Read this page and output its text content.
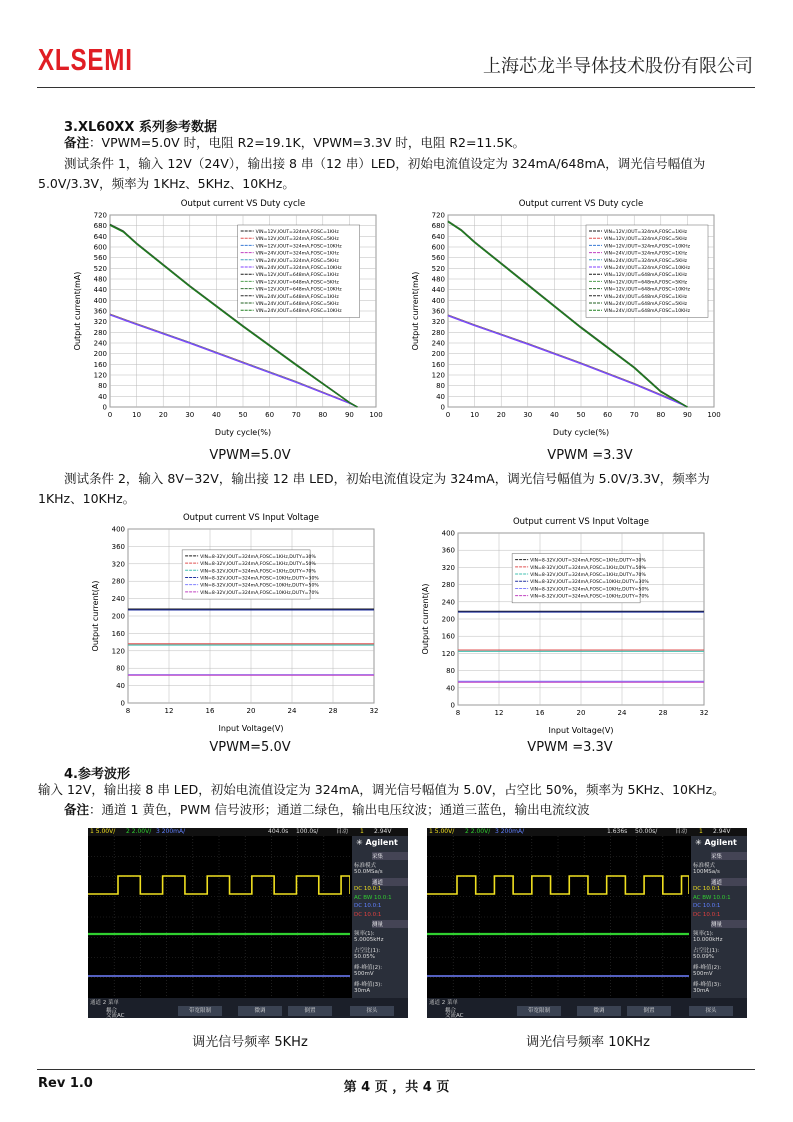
XLSEMI	上海芯龙半导体技术股份有限公司
3.XL60XX 系列参考数据
备注：VPWM=5.0V 时，电阻 R2=19.1K，VPWM=3.3V 时，电阻 R2=11.5K。
测试条件 1，输入 12V（24V），输出接 8 串（12 串）LED，初始电流值设定为 324mA/648mA，调光信号幅值为
5.0V/3.3V，频率为 1KHz、5KHz、10KHz。
Output current VS Duty cycle
0
40
80
120
160
200
240
280
320
360
400
440
480
520
560
600
640
680
720
0	10	20	30	40	50	60	70	80	90 100
Duty cycle(%)
Output current(mA)
VIN=12V,IOUT=324mA,FOSC=1KHz
VIN=12V,IOUT=324mA,FOSC=5KHz
VIN=12V,IOUT=324mA,FOSC=10KHz
VIN=24V,IOUT=324mA,FOSC=1KHz
VIN=24V,IOUT=324mA,FOSC=5KHz
VIN=24V,IOUT=324mA,FOSC=10KHz
VIN=12V,IOUT=648mA,FOSC=1KHz
VIN=12V,IOUT=648mA,FOSC=5KHz
VIN=12V,IOUT=648mA,FOSC=10KHz
VIN=24V,IOUT=648mA,FOSC=1KHz
VIN=24V,IOUT=648mA,FOSC=5KHz
VIN=24V,IOUT=648mA,FOSC=10KHz
Output current VS Duty cycle
0
40
80
120
160
200
240
280
320
360
400
440
480
520
560
600
640
680
720
0	10	20	30	40	50	60	70	80	90 100
Duty cycle(%)
Output current(mA)
VIN=12V,IOUT=324mA,FOSC=1KHz
VIN=12V,IOUT=324mA,FOSC=5KHz
VIN=12V,IOUT=324mA,FOSC=10KHz
VIN=24V,IOUT=324mA,FOSC=1KHz
VIN=24V,IOUT=324mA,FOSC=5KHz
VIN=24V,IOUT=324mA,FOSC=10KHz
VIN=12V,IOUT=648mA,FOSC=1KHz
VIN=12V,IOUT=648mA,FOSC=5KHz
VIN=12V,IOUT=648mA,FOSC=10KHz
VIN=24V,IOUT=648mA,FOSC=1KHz
VIN=24V,IOUT=648mA,FOSC=5KHz
VIN=24V,IOUT=648mA,FOSC=10KHz
VPWM=5.0V	VPWM =3.3V
测试条件 2，输入 8V−32V，输出接 12 串 LED，初始电流值设定为 324mA，调光信号幅值为 5.0V/3.3V，频率为
1KHz、10KHz。
Output current VS Input Voltage
0
40
80
120
160
200
240
280
320
360
400
8	12	16	20	24	28	32
Input Voltage(V)
Output current(A)
VIN=8-32V,IOUT=324mA,FOSC=1KHz,DUTY=30%
VIN=8-32V,IOUT=324mA,FOSC=1KHz,DUTY=50%
VIN=8-32V,IOUT=324mA,FOSC=1KHz,DUTY=70%
VIN=8-32V,IOUT=324mA,FOSC=10KHz,DUTY=30%
VIN=8-32V,IOUT=324mA,FOSC=10KHz,DUTY=50%
VIN=8-32V,IOUT=324mA,FOSC=10KHz,DUTY=70%
Output current VS Input Voltage
0
40
80
120
160
200
240
280
320
360
400
8	12	16	20	24	28	32
Input Voltage(V)
Output current(A)
VIN=8-32V,IOUT=324mA,FOSC=1KHz,DUTY=30%
VIN=8-32V,IOUT=324mA,FOSC=1KHz,DUTY=50%
VIN=8-32V,IOUT=324mA,FOSC=1KHz,DUTY=70%
VIN=8-32V,IOUT=324mA,FOSC=10KHz,DUTY=30%
VIN=8-32V,IOUT=324mA,FOSC=10KHz,DUTY=50%
VIN=8-32V,IOUT=324mA,FOSC=10KHz,DUTY=70%
VPWM=5.0V	VPWM =3.3V
4.参考波形
输入 12V，输出接 8 串 LED，初始电流值设定为 324mA，调光信号幅值为 5.0V，占空比 50%，频率为 5KHz、10KHz。
备注：通道 1 黄色，PWM 信号波形；通道二绿色，输出电压纹波；通道三蓝色，输出电流纹波
1 5.00V/ 2 2.00V/ 3 200mA/	404.0s 100.0s/	自动 1 2.94V
✳ Agilent
采集
标准模式
50.0MSa/s
通道
DC 10.0:1
AC BW 10.0:1
DC 10.0:1
DC 10.0:1
测量
频率(1):
5.0005kHz
占空比(1):
50.05%
峰-峰值(2):
500mV
峰-峰值(3):
30mA
通道 2 菜单
耦合
交流AC
带宽限制	微调	倒置	探头
1 5.00V/ 2 2.00V/ 3 200mA/	1.636s 50.00s/	自动 1 2.94V
✳ Agilent
采集
标准模式
100MSa/s
通道
DC 10.0:1
AC BW 10.0:1
DC 10.0:1
DC 10.0:1
测量
频率(1):
10.000kHz
占空比(1):
50.09%
峰-峰值(2):
500mV
峰-峰值(3):
30mA
通道 2 菜单
耦合
交流AC
带宽限制	微调	倒置	探头
调光信号频率 5KHz	调光信号频率 10KHz
第 4 页 ，共 4 页
Rev 1.0
